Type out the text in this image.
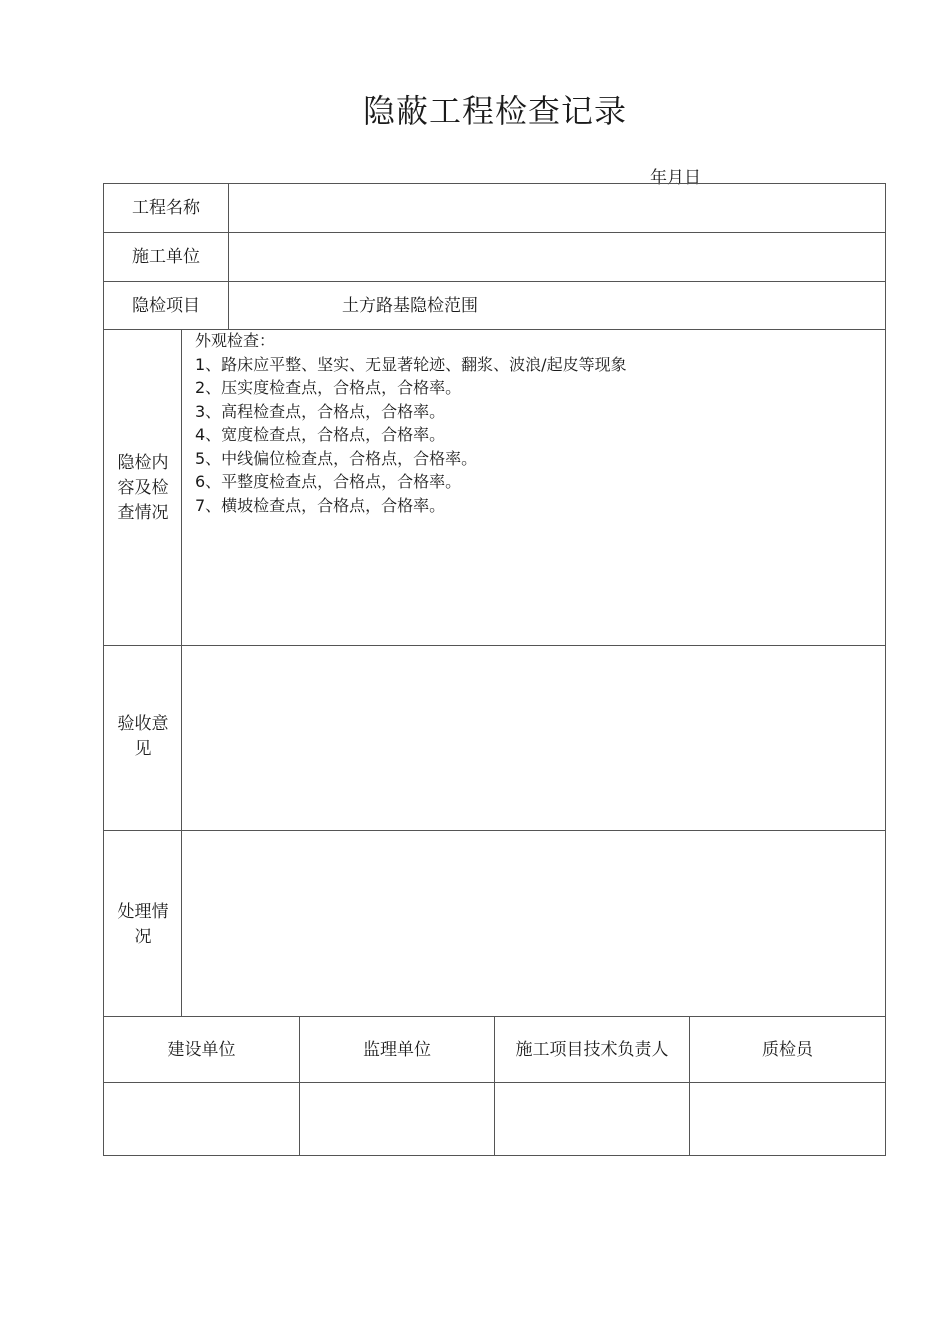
隐蔽工程检查记录
年月日
工程名称
施工单位
隐检项目	土方路基隐检范围
隐检内容及检查情况
外观检查：
1、路床应平整、坚实、无显著轮迹、翻浆、波浪/起皮等现象
2、压实度检查点，合格点，合格率。
3、高程检查点，合格点，合格率。
4、宽度检查点，合格点，合格率。
5、中线偏位检查点，合格点，合格率。
6、平整度检查点，合格点，合格率。
7、横坡检查点，合格点，合格率。
验收意见
处理情况
建设单位	监理单位	施工项目技术负责人	质检员
